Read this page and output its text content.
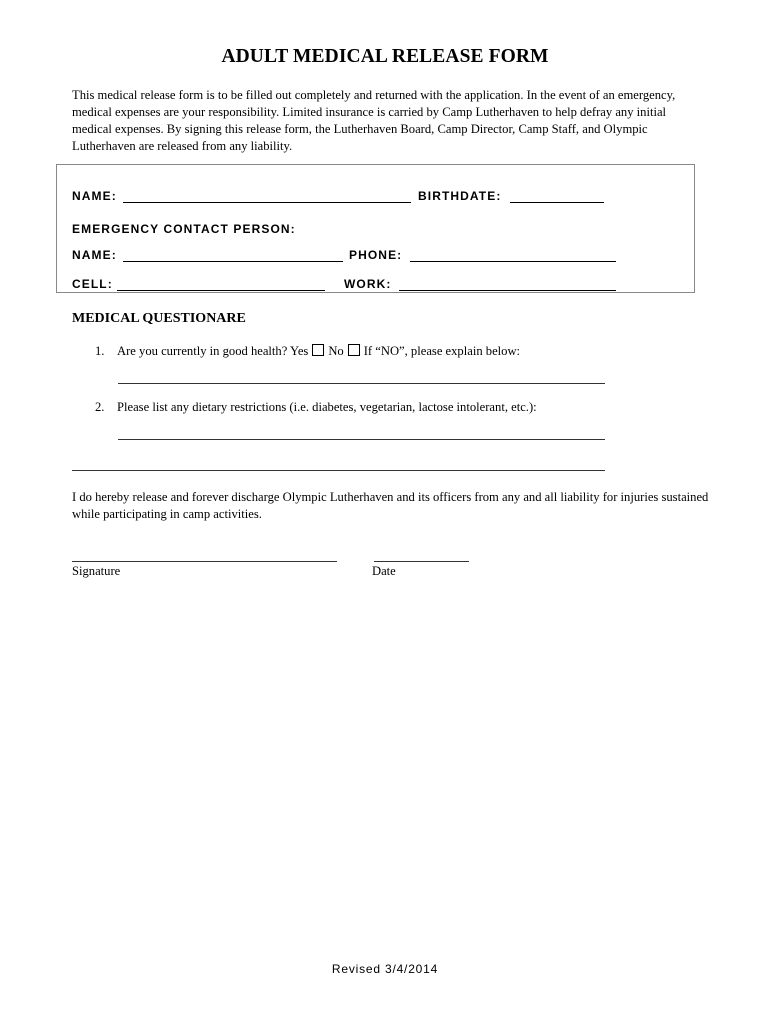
ADULT MEDICAL RELEASE FORM
This medical release form is to be filled out completely and returned with the application. In the event of an emergency,
medical expenses are your responsibility. Limited insurance is carried by Camp Lutherhaven to help defray any initial
medical expenses. By signing this release form, the Lutherhaven Board, Camp Director, Camp Staff, and Olympic
Lutherhaven are released from any liability.
NAME:	BIRTHDATE:
EMERGENCY CONTACT PERSON:
NAME:	PHONE:
CELL:	WORK:
MEDICAL QUESTIONARE
1. Are you currently in good health? Yes No If “NO”, please explain below:
2. Please list any dietary restrictions (i.e. diabetes, vegetarian, lactose intolerant, etc.):
I do hereby release and forever discharge Olympic Lutherhaven and its officers from any and all liability for injuries sustained
while participating in camp activities.
Signature	Date
Revised 3/4/2014
